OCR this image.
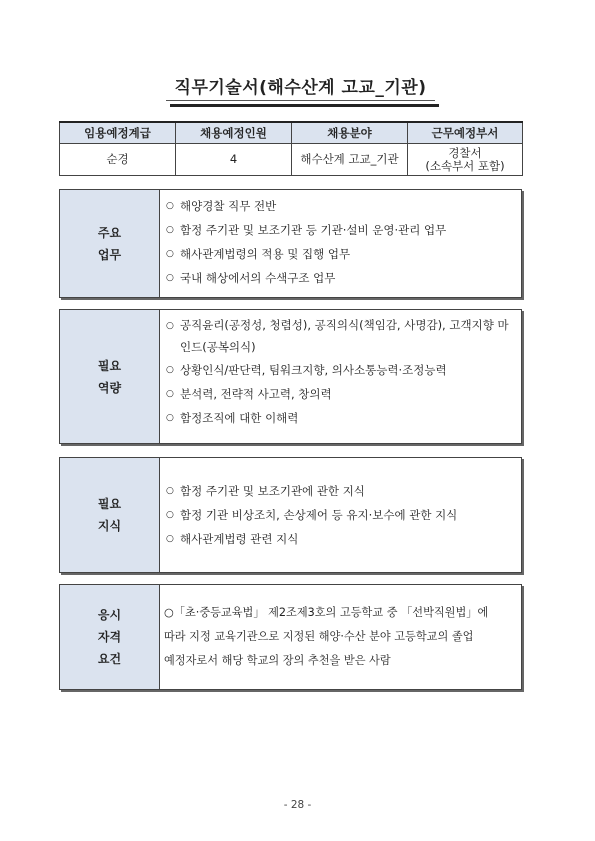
직무기술서(해수산계 고교_기관)
임용예정계급	채용예정인원	채용분야	근무예정부서
순경	4	해수산계 고교_기관	경찰서
(소속부서 포함)
주요
업무
○ 해양경찰 직무 전반
○ 함정 주기관 및 보조기관 등 기관·설비 운영·관리 업무
○ 해사관계법령의 적용 및 집행 업무
○ 국내 해상에서의 수색구조 업무
필요
역량
○ 공직윤리(공정성, 청렴성), 공직의식(책임감, 사명감), 고객지향 마인드(공복의식)
○ 상황인식/판단력, 팀워크지향, 의사소통능력·조정능력
○ 분석력, 전략적 사고력, 창의력
○ 함정조직에 대한 이해력
필요
지식
○ 함정 주기관 및 보조기관에 관한 지식
○ 함정 기관 비상조치, 손상제어 등 유지·보수에 관한 지식
○ 해사관계법령 관련 지식
응시
자격
요건
○「초·중등교육법」 제2조제3호의 고등학교 중 「선박직원법」에
따라 지정 교육기관으로 지정된 해양·수산 분야 고등학교의 졸업
예정자로서 해당 학교의 장의 추천을 받은 사람
- 28 -
